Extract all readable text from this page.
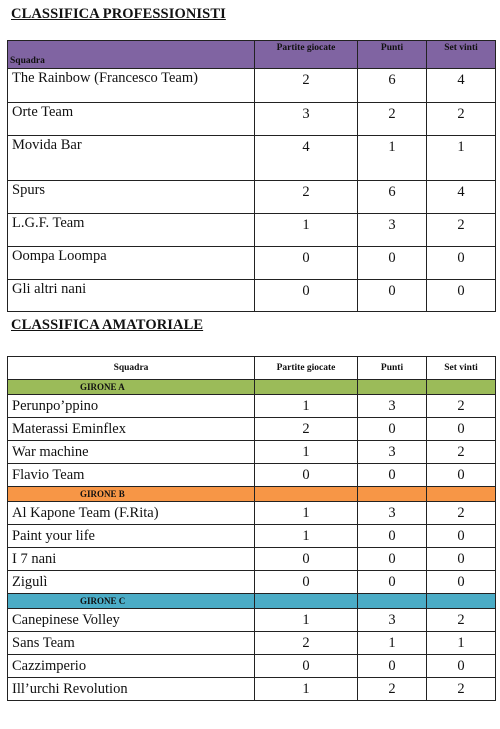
CLASSIFICA PROFESSIONISTI
Squadra	Partite giocate	Punti	Set vinti
The Rainbow (Francesco Team)	2	6	4
Orte Team	3	2	2
Movida Bar	4	1	1
Spurs	2	6	4
L.G.F. Team	1	3	2
Oompa Loompa	0	0	0
Gli altri nani	0	0	0
CLASSIFICA AMATORIALE
Squadra	Partite giocate	Punti	Set vinti
GIRONE A			
Perunpo’ppino	1	3	2
Materassi Eminflex	2	0	0
War machine	1	3	2
Flavio Team	0	0	0
GIRONE B			
Al Kapone Team (F.Rita)	1	3	2
Paint your life	1	0	0
I 7 nani	0	0	0
Zigulì	0	0	0
GIRONE C			
Canepinese Volley	1	3	2
Sans Team	2	1	1
Cazzimperio	0	0	0
Ill’urchi Revolution	1	2	2
